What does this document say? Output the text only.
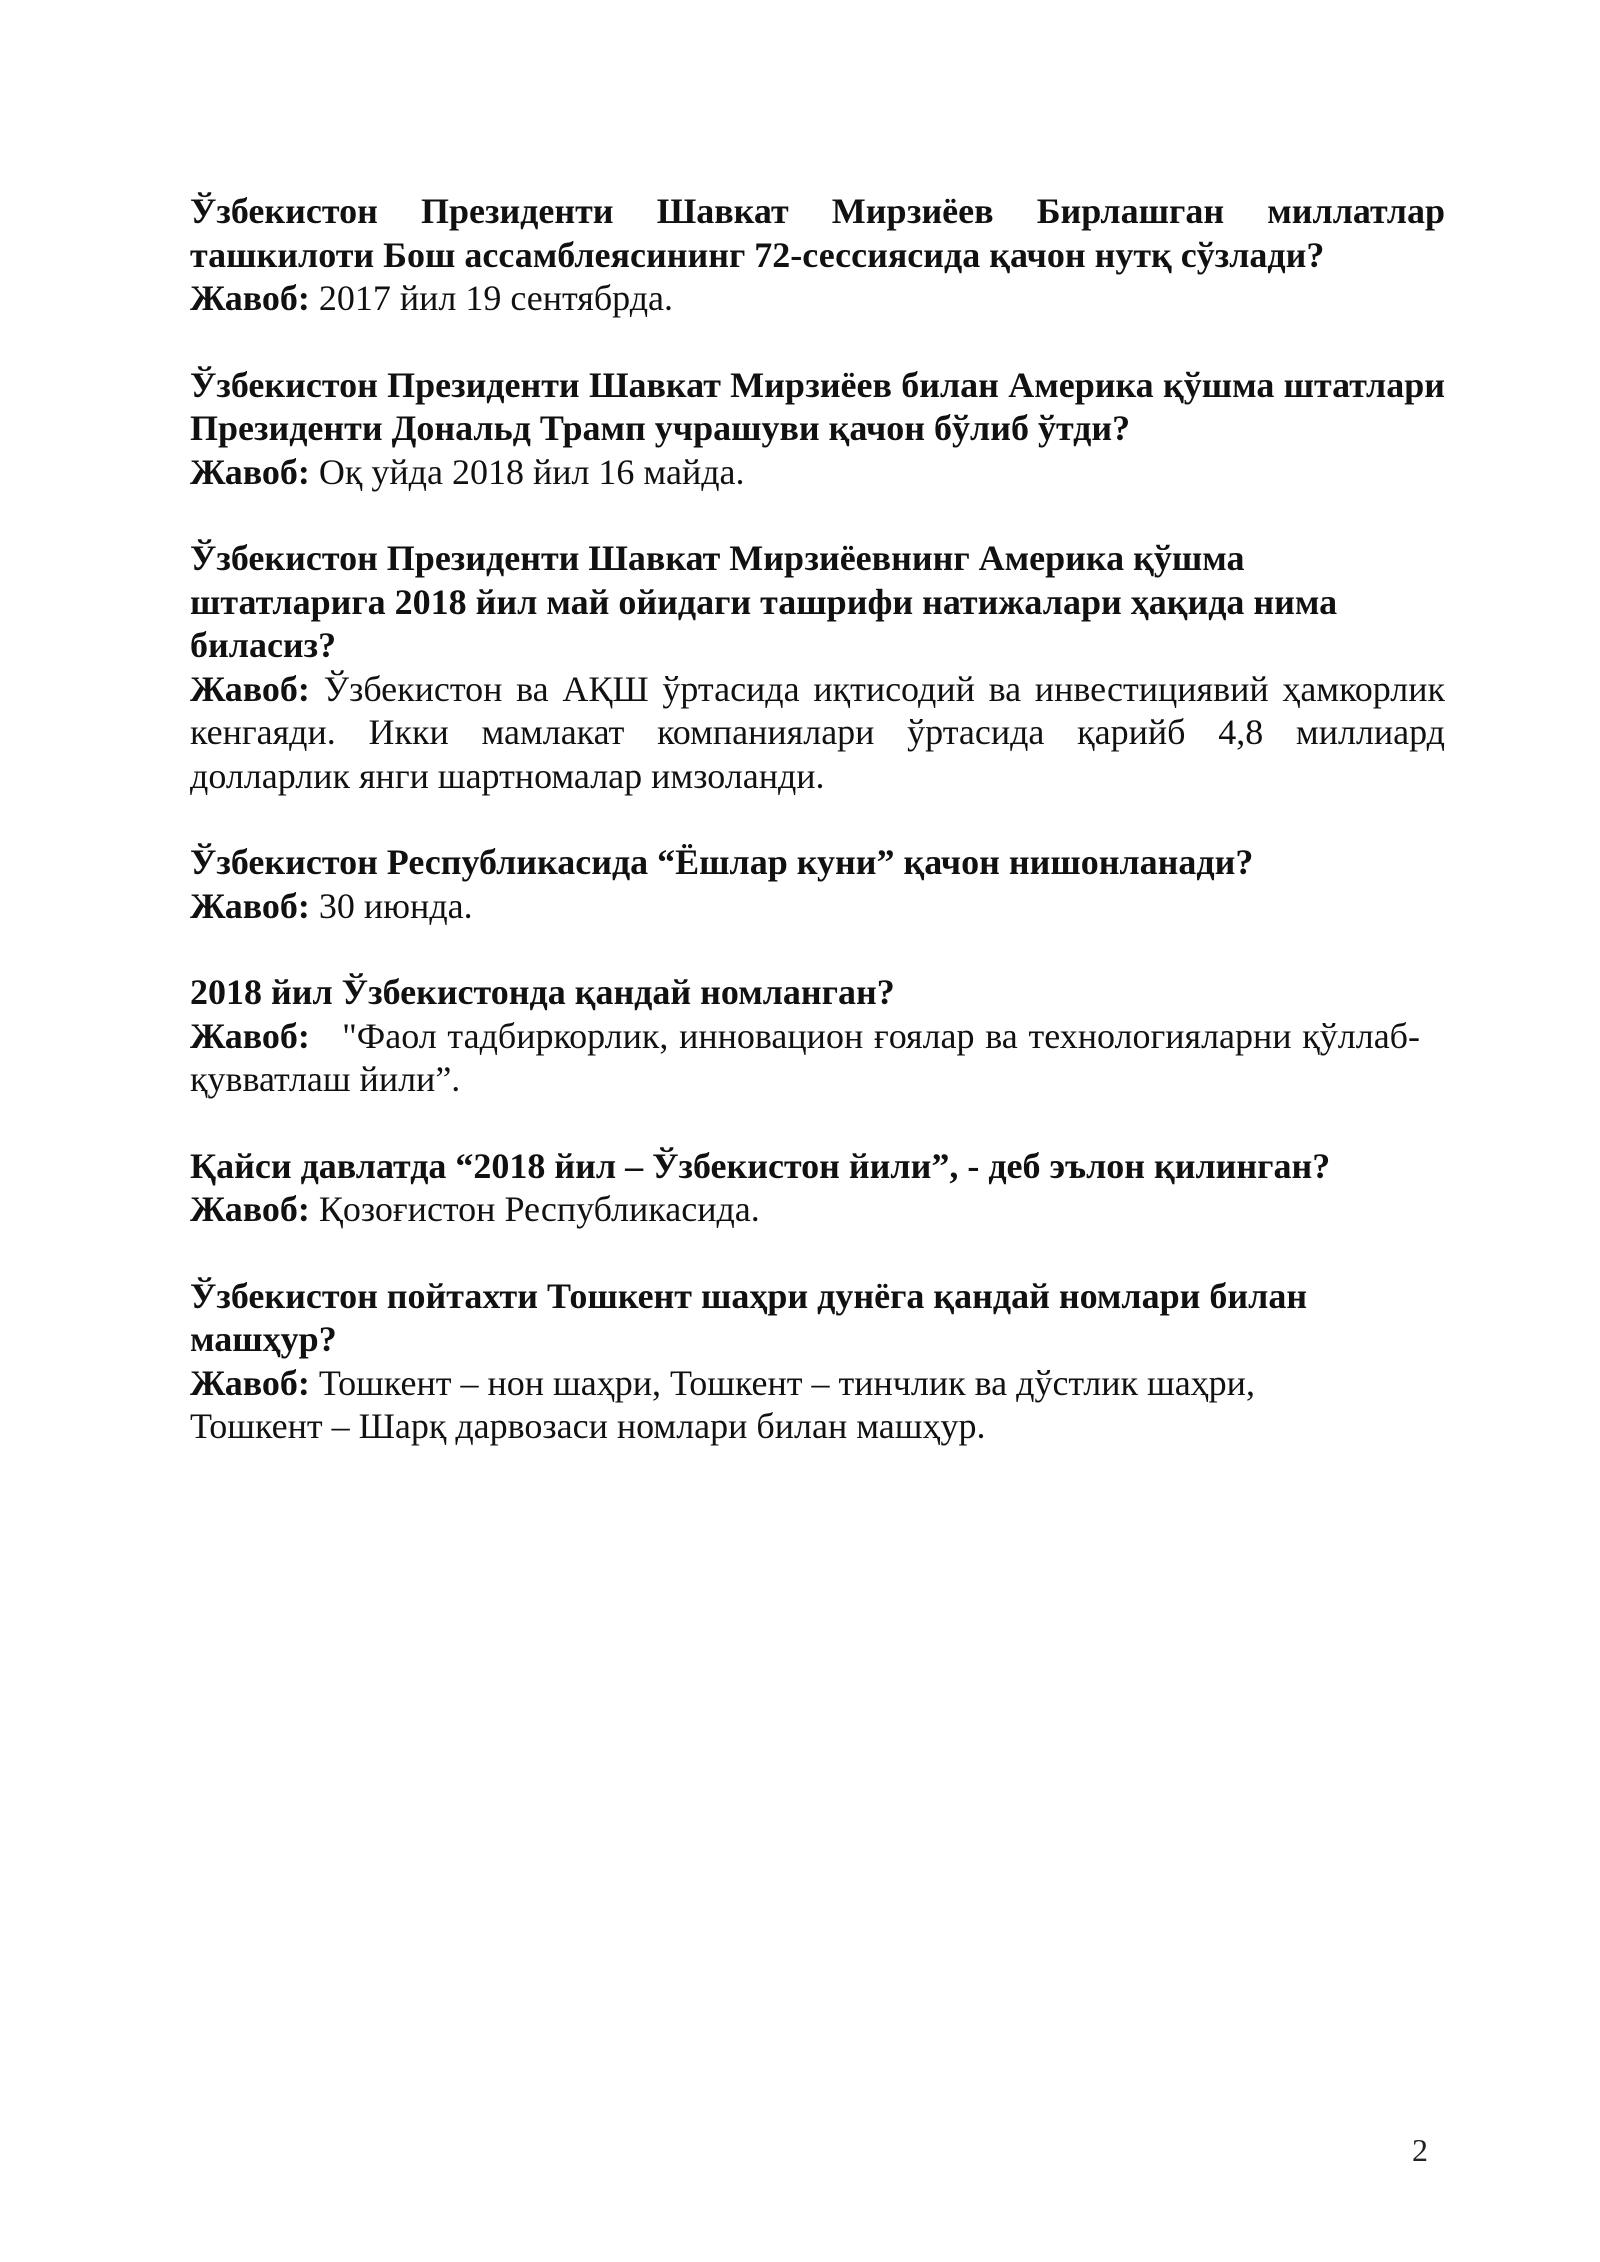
Ўзбекистон Президенти Шавкат Мирзиёев Бирлашган миллатлар ташкилоти Бош ассамблеясининг 72-сессиясида қачон нутқ сўзлади?

Жавоб: 2017 йил 19 сентябрда.

Ўзбекистон Президенти Шавкат Мирзиёев билан Америка қўшма штатлари Президенти Дональд Трамп учрашуви қачон бўлиб ўтди?

Жавоб: Оқ уйда 2018 йил 16 майда.

Ўзбекистон Президенти Шавкат Мирзиёевнинг Америка қўшма штатларига 2018 йил май ойидаги ташрифи натижалари ҳақида нима биласиз?

Жавоб: Ўзбекистон ва АҚШ ўртасида иқтисодий ва инвестициявий ҳамкорлик кенгаяди. Икки мамлакат компаниялари ўртасида қарийб 4,8 миллиард долларлик янги шартномалар имзоланди.

Ўзбекистон Республикасида “Ёшлар куни” қачон нишонланади?

Жавоб: 30 июнда.

2018 йил Ўзбекистонда қандай номланган?

Жавоб:   "Фаол тадбиркорлик, инновацион ғоялар ва технологияларни қўллаб- қувватлаш йили”.

Қайси давлатда “2018 йил – Ўзбекистон йили”, - деб эълон қилинган?

Жавоб: Қозоғистон Республикасида.

Ўзбекистон пойтахти Тошкент шаҳри дунёга қандай номлари билан машҳур?

Жавоб: Тошкент – нон шаҳри, Тошкент – тинчлик ва дўстлик шаҳри, Тошкент – Шарқ дарвозаси номлари билан машҳур.

2
